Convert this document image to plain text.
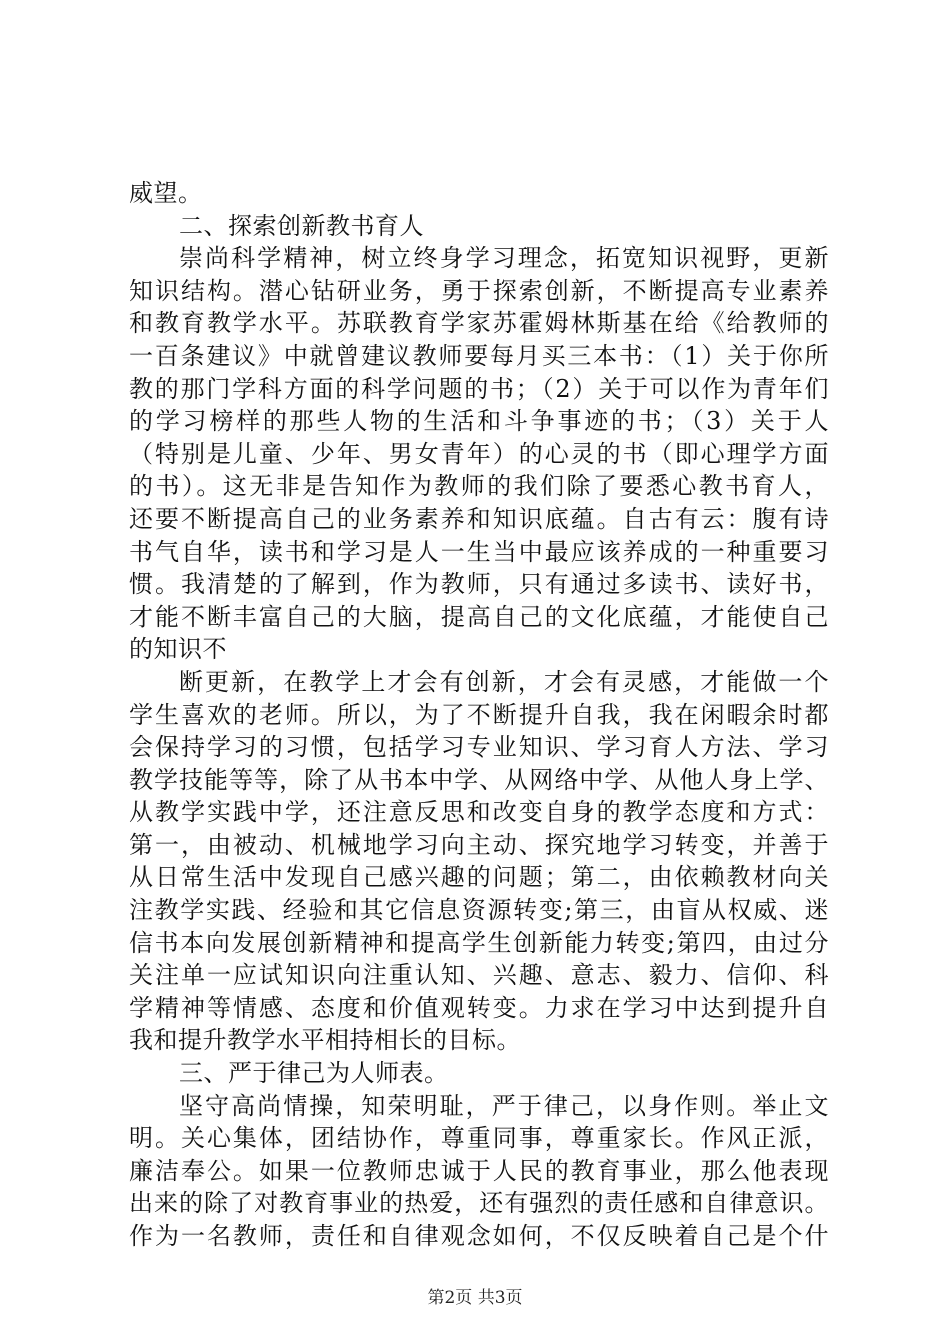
威望。
二、探索创新教书育人
崇尚科学精神，树立终身学习理念，拓宽知识视野，更新
知识结构。潜心钻研业务，勇于探索创新，不断提高专业素养
和教育教学水平。苏联教育学家苏霍姆林斯基在给《给教师的
一百条建议》中就曾建议教师要每月买三本书：（1）关于你所
教的那门学科方面的科学问题的书；（2）关于可以作为青年们
的学习榜样的那些人物的生活和斗争事迹的书；（3）关于人
（特别是儿童、少年、男女青年）的心灵的书（即心理学方面
的书）。这无非是告知作为教师的我们除了要悉心教书育人，
还要不断提高自己的业务素养和知识底蕴。自古有云：腹有诗
书气自华，读书和学习是人一生当中最应该养成的一种重要习
惯。我清楚的了解到，作为教师，只有通过多读书、读好书，
才能不断丰富自己的大脑，提高自己的文化底蕴，才能使自己
的知识不
断更新，在教学上才会有创新，才会有灵感，才能做一个
学生喜欢的老师。所以，为了不断提升自我，我在闲暇余时都
会保持学习的习惯，包括学习专业知识、学习育人方法、学习
教学技能等等，除了从书本中学、从网络中学、从他人身上学、
从教学实践中学，还注意反思和改变自身的教学态度和方式：
第一，由被动、机械地学习向主动、探究地学习转变，并善于
从日常生活中发现自己感兴趣的问题；第二，由依赖教材向关
注教学实践、经验和其它信息资源转变;第三，由盲从权威、迷
信书本向发展创新精神和提高学生创新能力转变;第四，由过分
关注单一应试知识向注重认知、兴趣、意志、毅力、信仰、科
学精神等情感、态度和价值观转变。力求在学习中达到提升自
我和提升教学水平相持相长的目标。
三、严于律己为人师表。
坚守高尚情操，知荣明耻，严于律己，以身作则。举止文
明。关心集体，团结协作，尊重同事，尊重家长。作风正派，
廉洁奉公。如果一位教师忠诚于人民的教育事业，那么他表现
出来的除了对教育事业的热爱，还有强烈的责任感和自律意识。
作为一名教师，责任和自律观念如何，不仅反映着自己是个什
第2页 共3页
